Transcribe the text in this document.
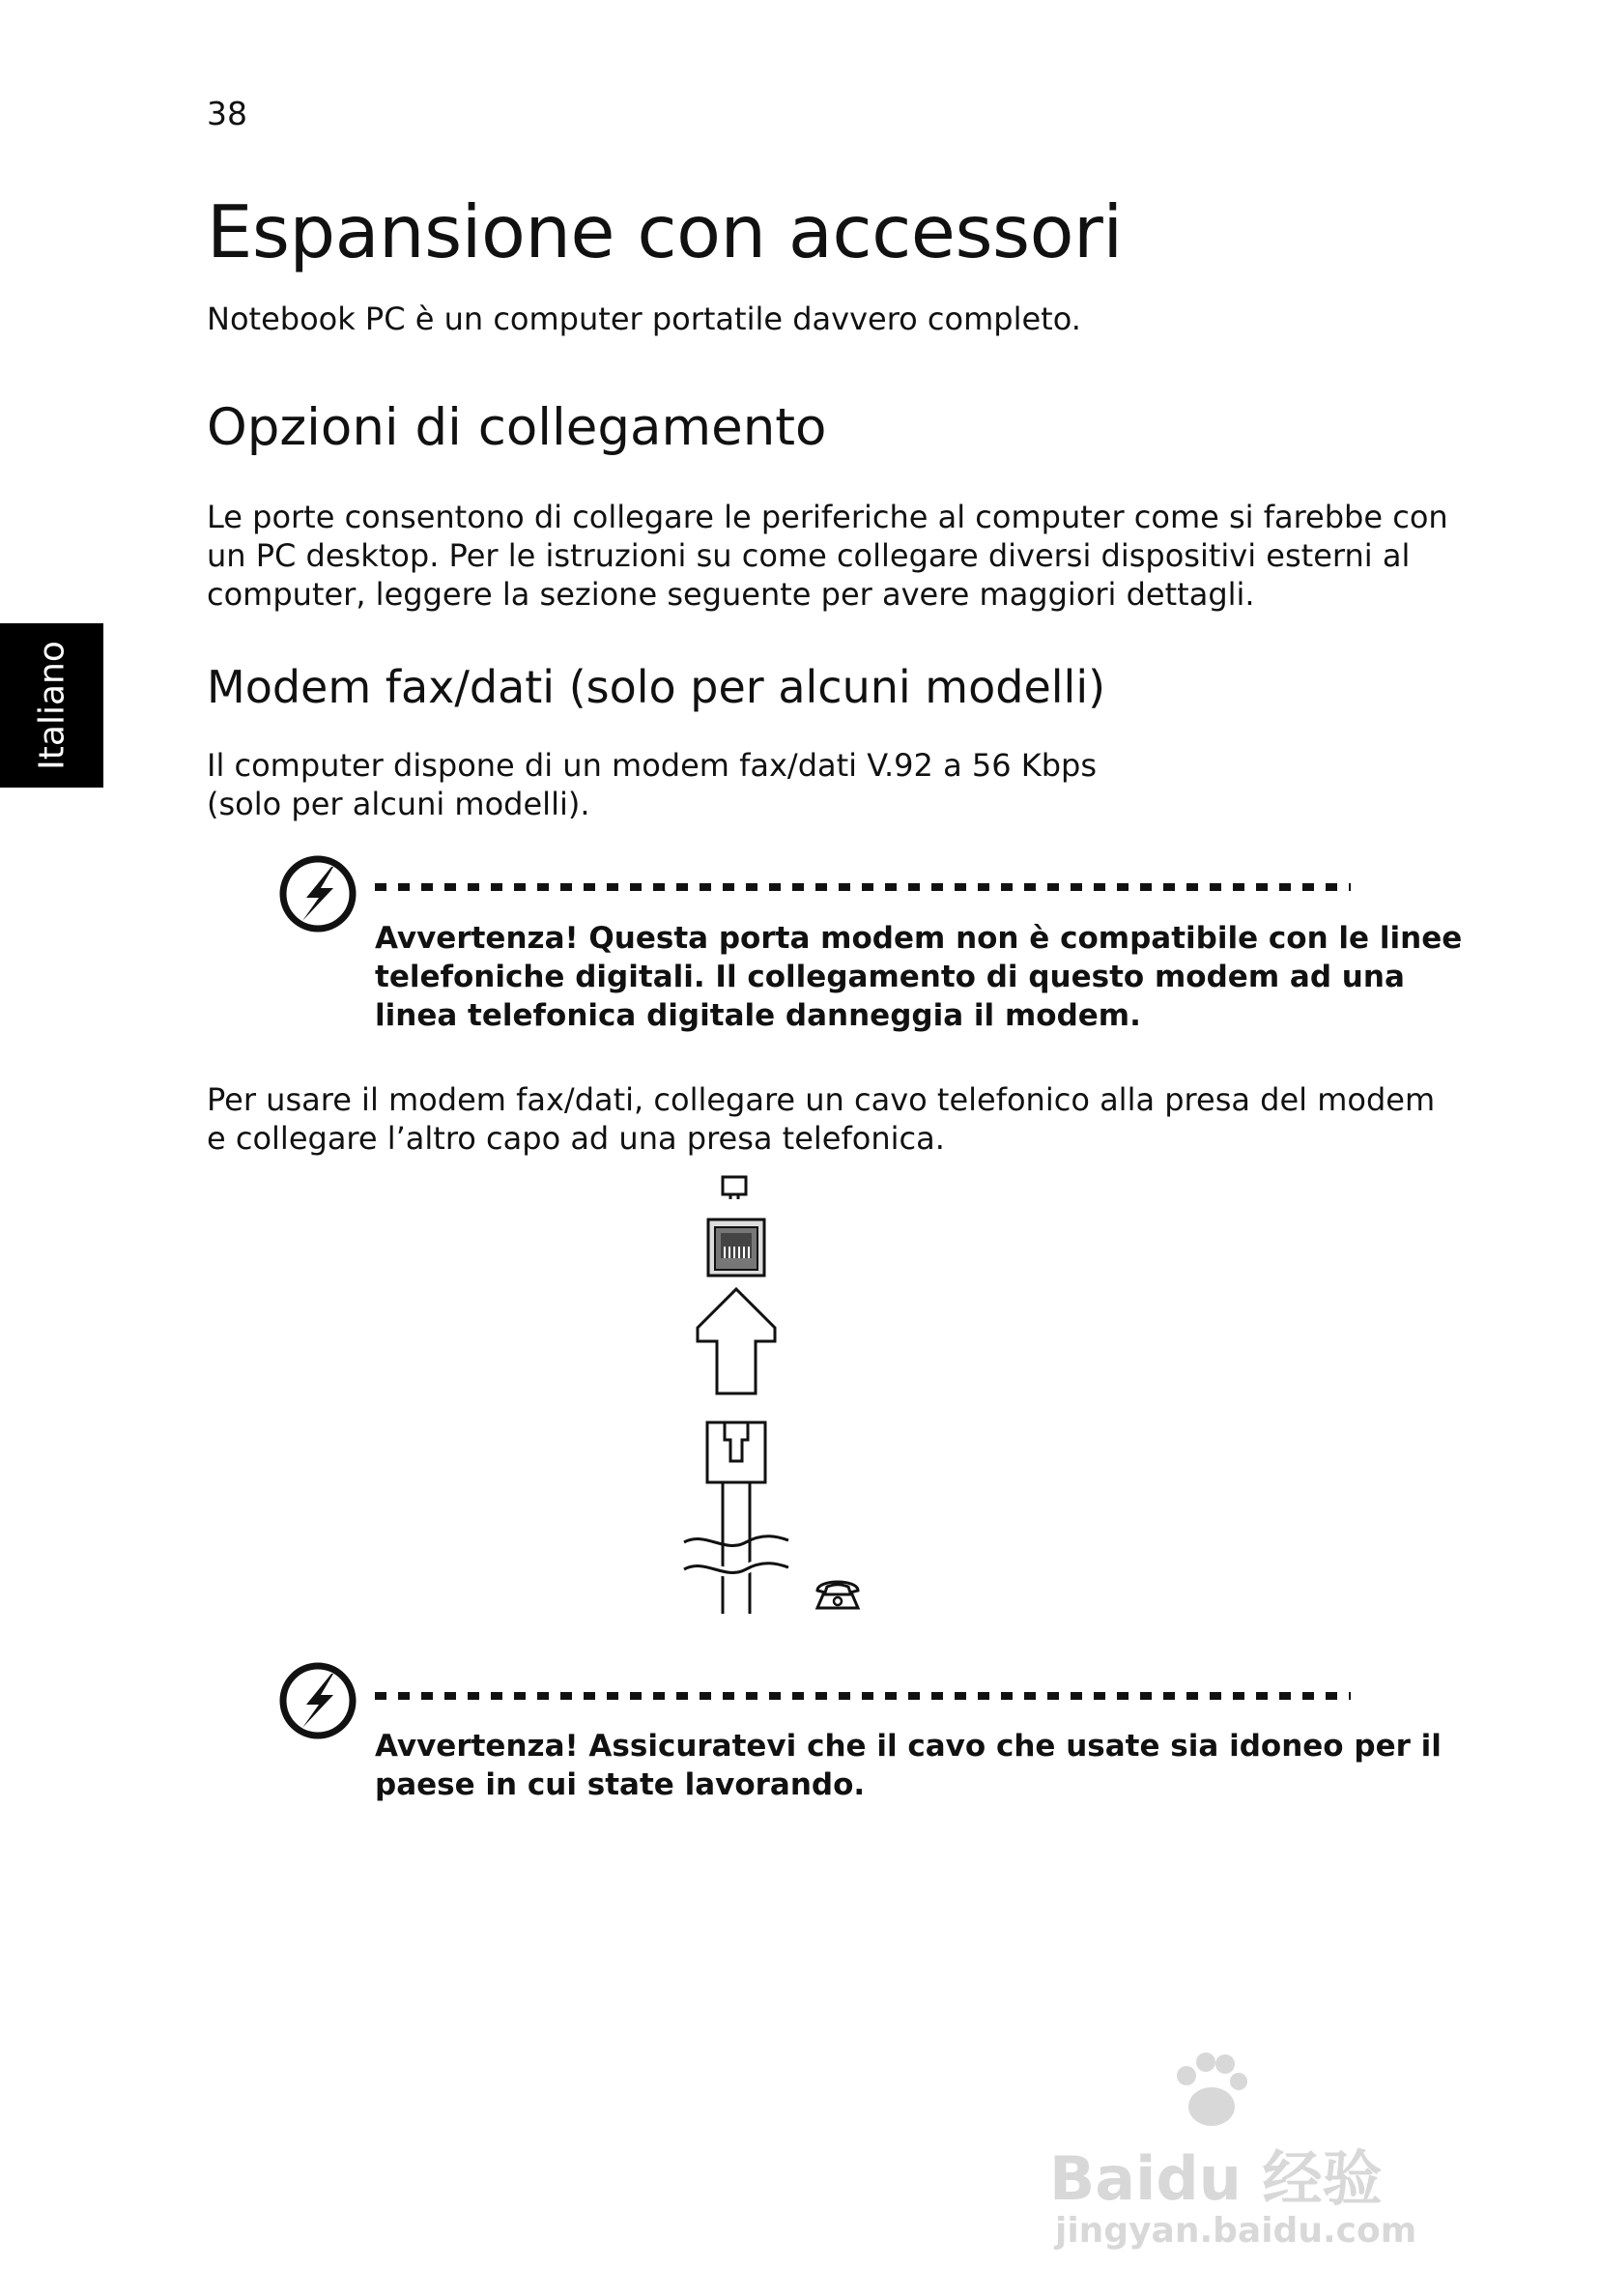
38
Italiano
Espansione con accessori

Notebook PC è un computer portatile davvero completo.

Opzioni di collegamento

Le porte consentono di collegare le periferiche al computer come si farebbe con

un PC desktop. Per le istruzioni su come collegare diversi dispositivi esterni al

computer, leggere la sezione seguente per avere maggiori dettagli.

Modem fax/dati (solo per alcuni modelli)

Il computer dispone di un modem fax/dati V.92 a 56 Kbps

(solo per alcuni modelli).

Avvertenza! Questa porta modem non è compatibile con le linee

telefoniche digitali. Il collegamento di questo modem ad una

linea telefonica digitale danneggia il modem.

Per usare il modem fax/dati, collegare un cavo telefonico alla presa del modem

e collegare l’altro capo ad una presa telefonica.

Avvertenza! Assicuratevi che il cavo che usate sia idoneo per il

paese in cui state lavorando.

Baidu 经验
jingyan.baidu.com
